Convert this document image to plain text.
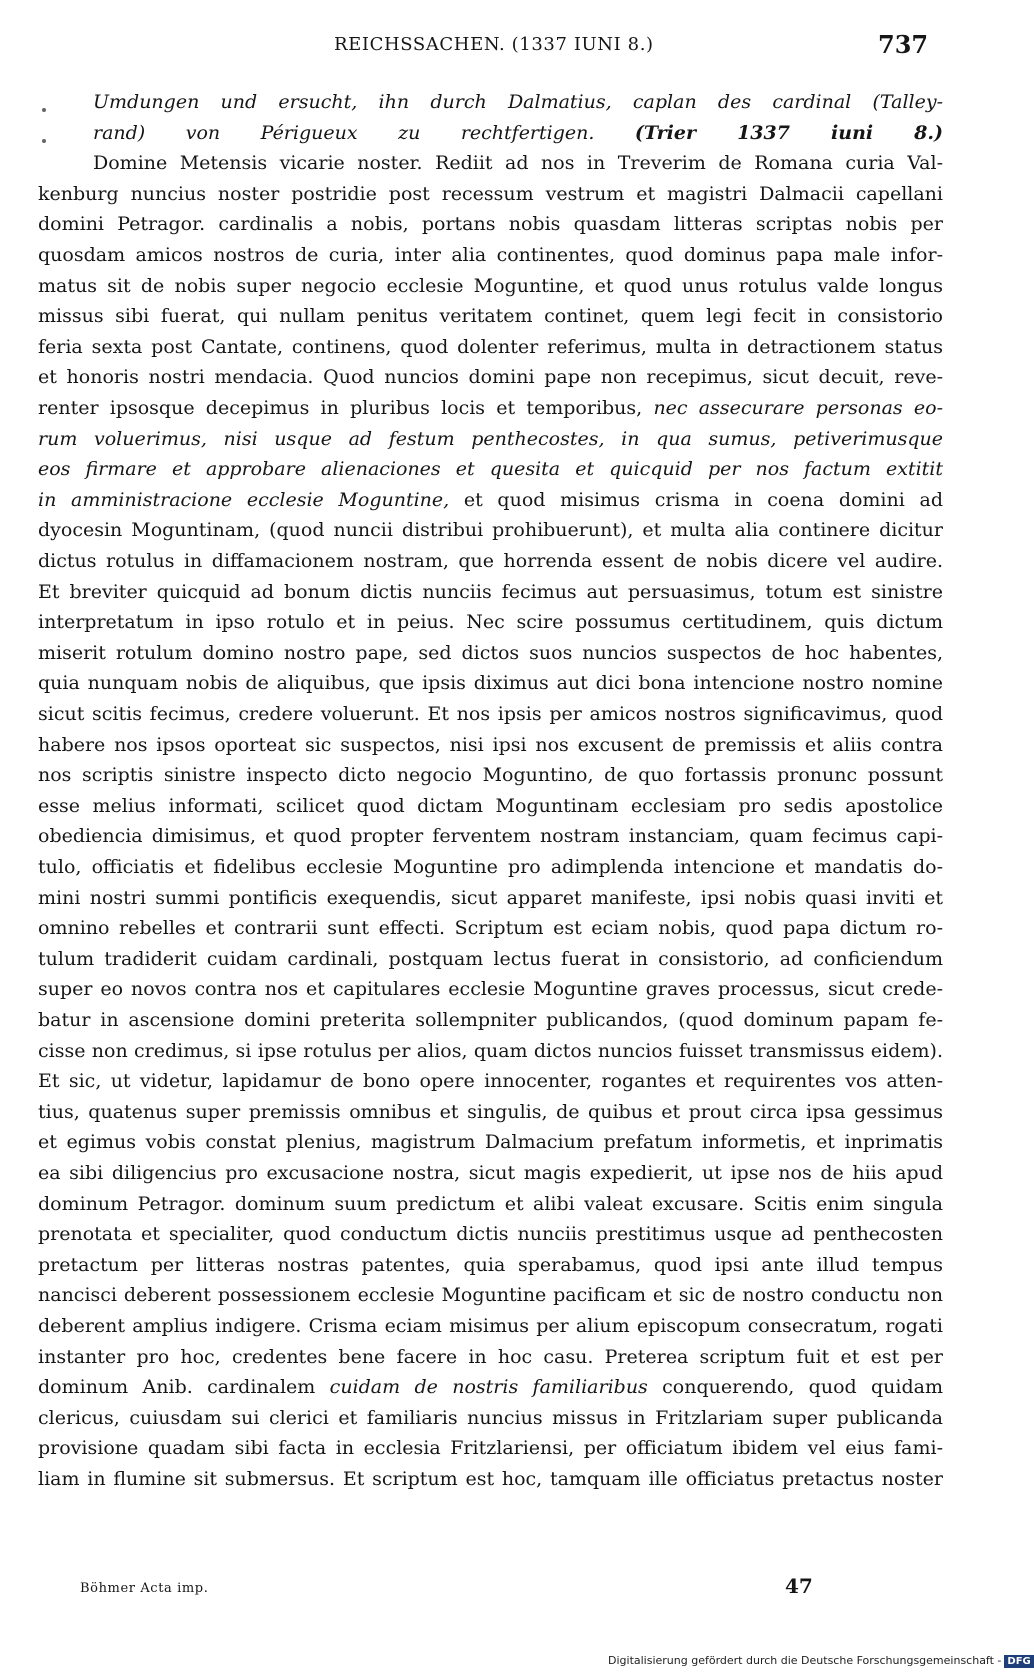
REICHSSACHEN. (1337 IUNI 8.)	737
Umdungen und ersucht, ihn durch Dalmatius, caplan des cardinal (Talley-
rand) von Périgueux zu rechtfertigen. (Trier 1337 iuni 8.)
Domine Metensis vicarie noster. Rediit ad nos in Treverim de Romana curia Val-
kenburg nuncius noster postridie post recessum vestrum et magistri Dalmacii capellani
domini Petragor. cardinalis a nobis, portans nobis quasdam litteras scriptas nobis per
quosdam amicos nostros de curia, inter alia continentes, quod dominus papa male infor-
matus sit de nobis super negocio ecclesie Moguntine, et quod unus rotulus valde longus
missus sibi fuerat, qui nullam penitus veritatem continet, quem legi fecit in consistorio
feria sexta post Cantate, continens, quod dolenter referimus, multa in detractionem status
et honoris nostri mendacia. Quod nuncios domini pape non recepimus, sicut decuit, reve-
renter ipsosque decepimus in pluribus locis et temporibus, nec assecurare personas eo-
rum voluerimus, nisi usque ad festum penthecostes, in qua sumus, petiverimusque
eos firmare et approbare alienaciones et quesita et quicquid per nos factum extitit
in amministracione ecclesie Moguntine, et quod misimus crisma in coena domini ad
dyocesin Moguntinam, (quod nuncii distribui prohibuerunt), et multa alia continere dicitur
dictus rotulus in diffamacionem nostram, que horrenda essent de nobis dicere vel audire.
Et breviter quicquid ad bonum dictis nunciis fecimus aut persuasimus, totum est sinistre
interpretatum in ipso rotulo et in peius. Nec scire possumus certitudinem, quis dictum
miserit rotulum domino nostro pape, sed dictos suos nuncios suspectos de hoc habentes,
quia nunquam nobis de aliquibus, que ipsis diximus aut dici bona intencione nostro nomine
sicut scitis fecimus, credere voluerunt. Et nos ipsis per amicos nostros significavimus, quod
habere nos ipsos oporteat sic suspectos, nisi ipsi nos excusent de premissis et aliis contra
nos scriptis sinistre inspecto dicto negocio Moguntino, de quo fortassis pronunc possunt
esse melius informati, scilicet quod dictam Moguntinam ecclesiam pro sedis apostolice
obediencia dimisimus, et quod propter ferventem nostram instanciam, quam fecimus capi-
tulo, officiatis et fidelibus ecclesie Moguntine pro adimplenda intencione et mandatis do-
mini nostri summi pontificis exequendis, sicut apparet manifeste, ipsi nobis quasi inviti et
omnino rebelles et contrarii sunt effecti. Scriptum est eciam nobis, quod papa dictum ro-
tulum tradiderit cuidam cardinali, postquam lectus fuerat in consistorio, ad conficiendum
super eo novos contra nos et capitulares ecclesie Moguntine graves processus, sicut crede-
batur in ascensione domini preterita sollempniter publicandos, (quod dominum papam fe-
cisse non credimus, si ipse rotulus per alios, quam dictos nuncios fuisset transmissus eidem).
Et sic, ut videtur, lapidamur de bono opere innocenter, rogantes et requirentes vos atten-
tius, quatenus super premissis omnibus et singulis, de quibus et prout circa ipsa gessimus
et egimus vobis constat plenius, magistrum Dalmacium prefatum informetis, et inprimatis
ea sibi diligencius pro excusacione nostra, sicut magis expedierit, ut ipse nos de hiis apud
dominum Petragor. dominum suum predictum et alibi valeat excusare. Scitis enim singula
prenotata et specialiter, quod conductum dictis nunciis prestitimus usque ad penthecosten
pretactum per litteras nostras patentes, quia sperabamus, quod ipsi ante illud tempus
nancisci deberent possessionem ecclesie Moguntine pacificam et sic de nostro conductu non
deberent amplius indigere. Crisma eciam misimus per alium episcopum consecratum, rogati
instanter pro hoc, credentes bene facere in hoc casu. Preterea scriptum fuit et est per
dominum Anib. cardinalem cuidam de nostris familiaribus conquerendo, quod quidam
clericus, cuiusdam sui clerici et familiaris nuncius missus in Fritzlariam super publicanda
provisione quadam sibi facta in ecclesia Fritzlariensi, per officiatum ibidem vel eius fami-
liam in flumine sit submersus. Et scriptum est hoc, tamquam ille officiatus pretactus noster
Böhmer Acta imp.	47
Digitalisierung gefördert durch die Deutsche Forschungsgemeinschaft - DFG
